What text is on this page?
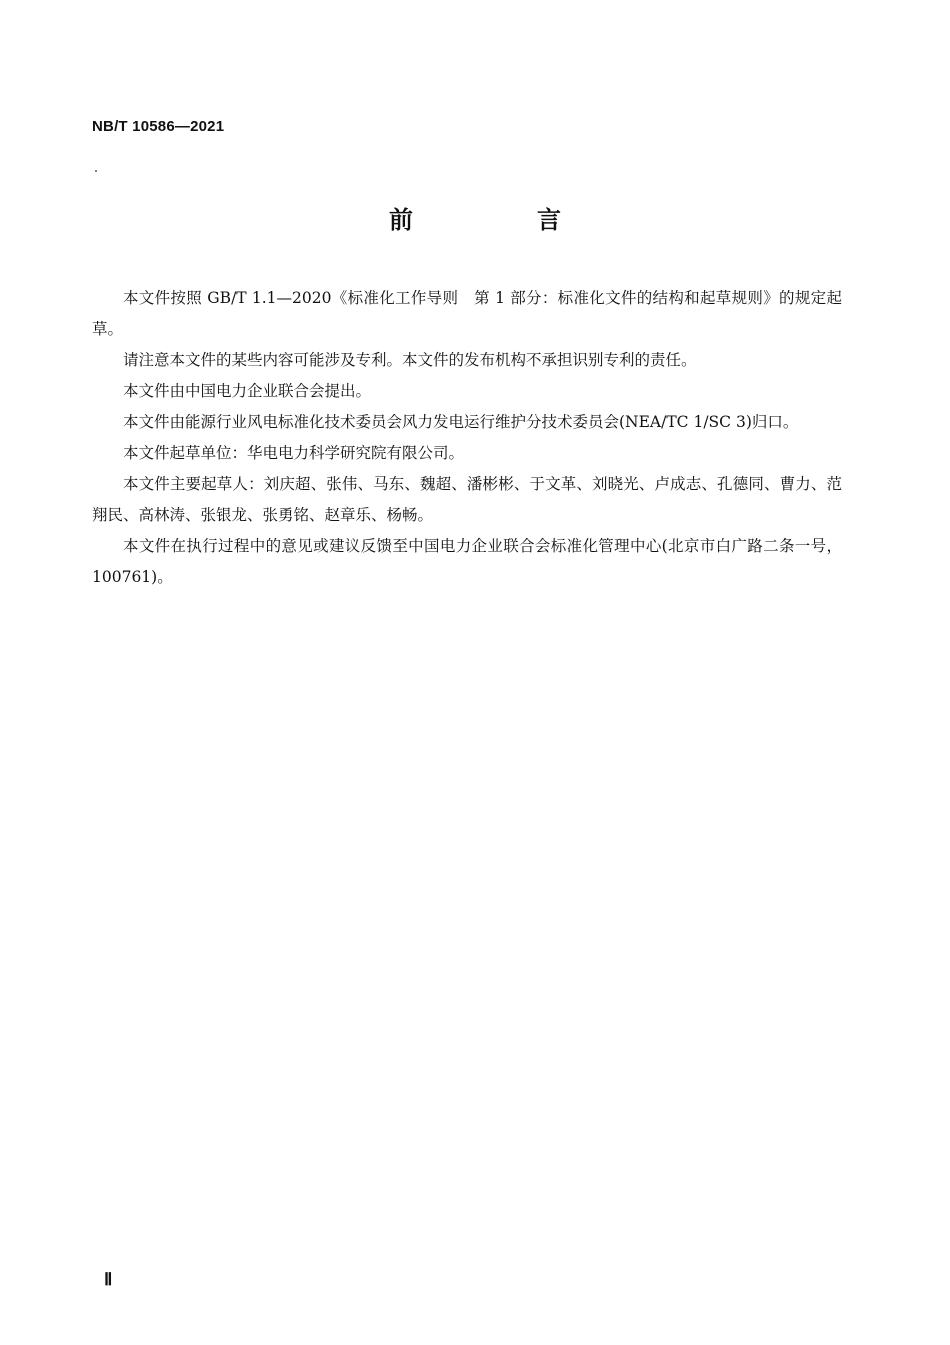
NB/T 10586—2021
前　言

本文件按照 GB/T 1.1—2020《标准化工作导则　第 1 部分：标准化文件的结构和起草规则》的规定起草。

请注意本文件的某些内容可能涉及专利。本文件的发布机构不承担识别专利的责任。

本文件由中国电力企业联合会提出。

本文件由能源行业风电标准化技术委员会风力发电运行维护分技术委员会(NEA/TC 1/SC 3)归口。

本文件起草单位：华电电力科学研究院有限公司。

本文件主要起草人：刘庆超、张伟、马东、魏超、潘彬彬、于文革、刘晓光、卢成志、孔德同、曹力、范翔民、高林涛、张银龙、张勇铭、赵章乐、杨畅。

本文件在执行过程中的意见或建议反馈至中国电力企业联合会标准化管理中心(北京市白广路二条一号，100761)。

Ⅱ
